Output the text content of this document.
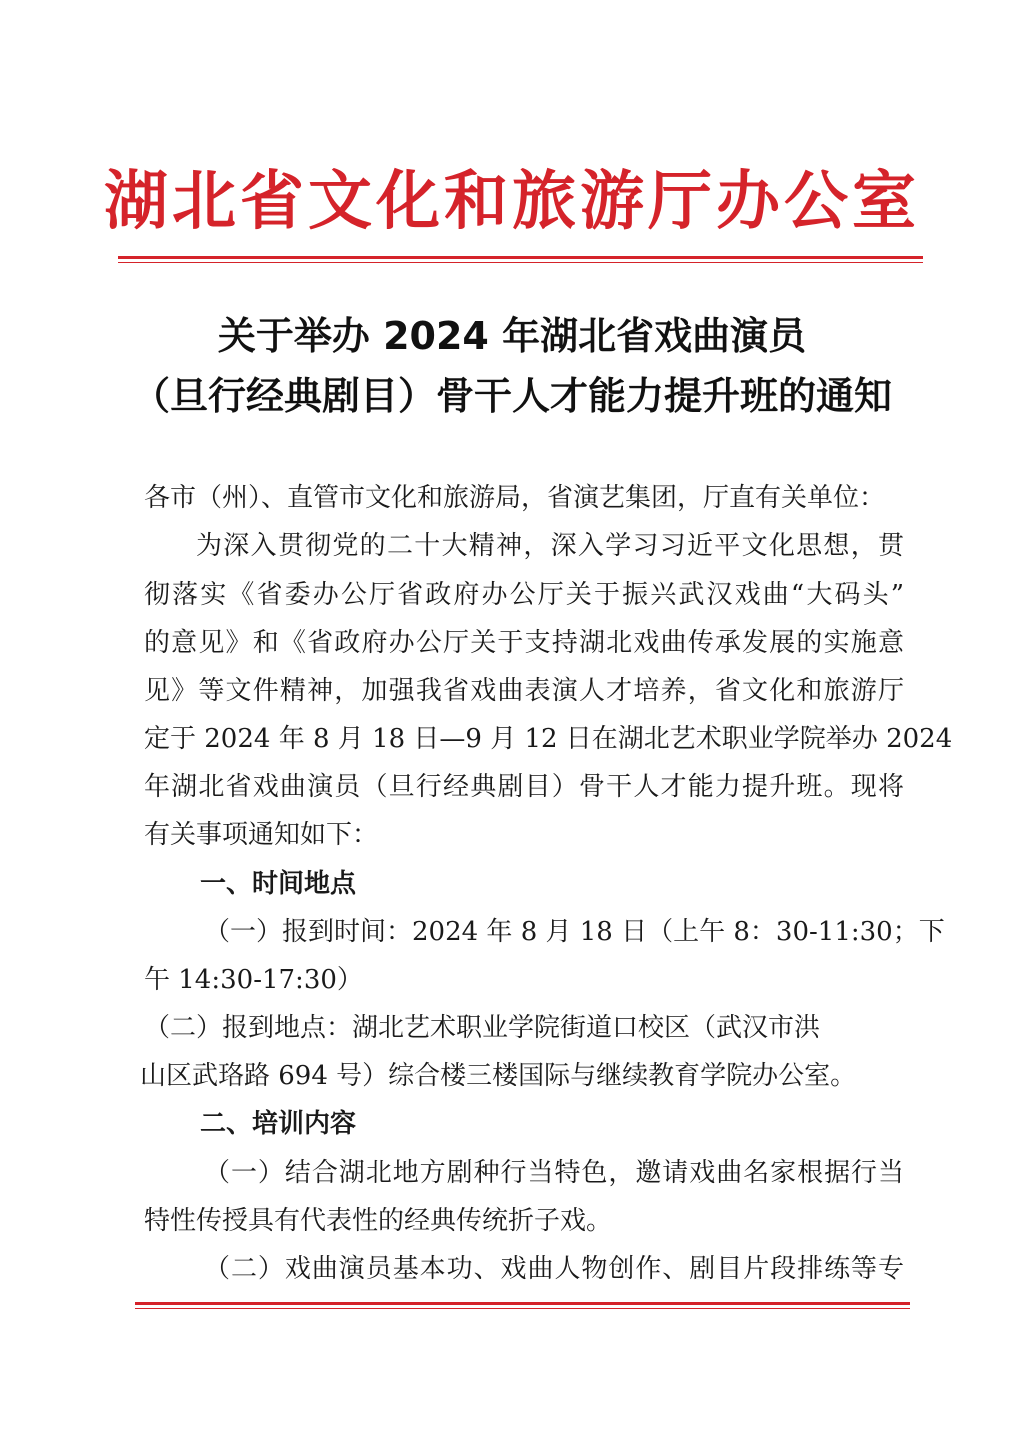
湖北省文化和旅游厅办公室
关于举办 2024 年湖北省戏曲演员
（旦行经典剧目）骨干人才能力提升班的通知
各市（州）、直管市文化和旅游局，省演艺集团，厅直有关单位：
为深入贯彻党的二十大精神，深入学习习近平文化思想，贯
彻落实《省委办公厅省政府办公厅关于振兴武汉戏曲“大码头”
的意见》和《省政府办公厅关于支持湖北戏曲传承发展的实施意
见》等文件精神，加强我省戏曲表演人才培养，省文化和旅游厅
定于 2024 年 8 月 18 日—9 月 12 日在湖北艺术职业学院举办 2024
年湖北省戏曲演员（旦行经典剧目）骨干人才能力提升班。现将
有关事项通知如下：
一、时间地点
（一）报到时间：2024 年 8 月 18 日（上午 8：30-11:30；下
午 14:30-17:30）
（二）报到地点：湖北艺术职业学院街道口校区（武汉市洪
山区武珞路 694 号）综合楼三楼国际与继续教育学院办公室。
二、培训内容
（一）结合湖北地方剧种行当特色，邀请戏曲名家根据行当
特性传授具有代表性的经典传统折子戏。
（二）戏曲演员基本功、戏曲人物创作、剧目片段排练等专
